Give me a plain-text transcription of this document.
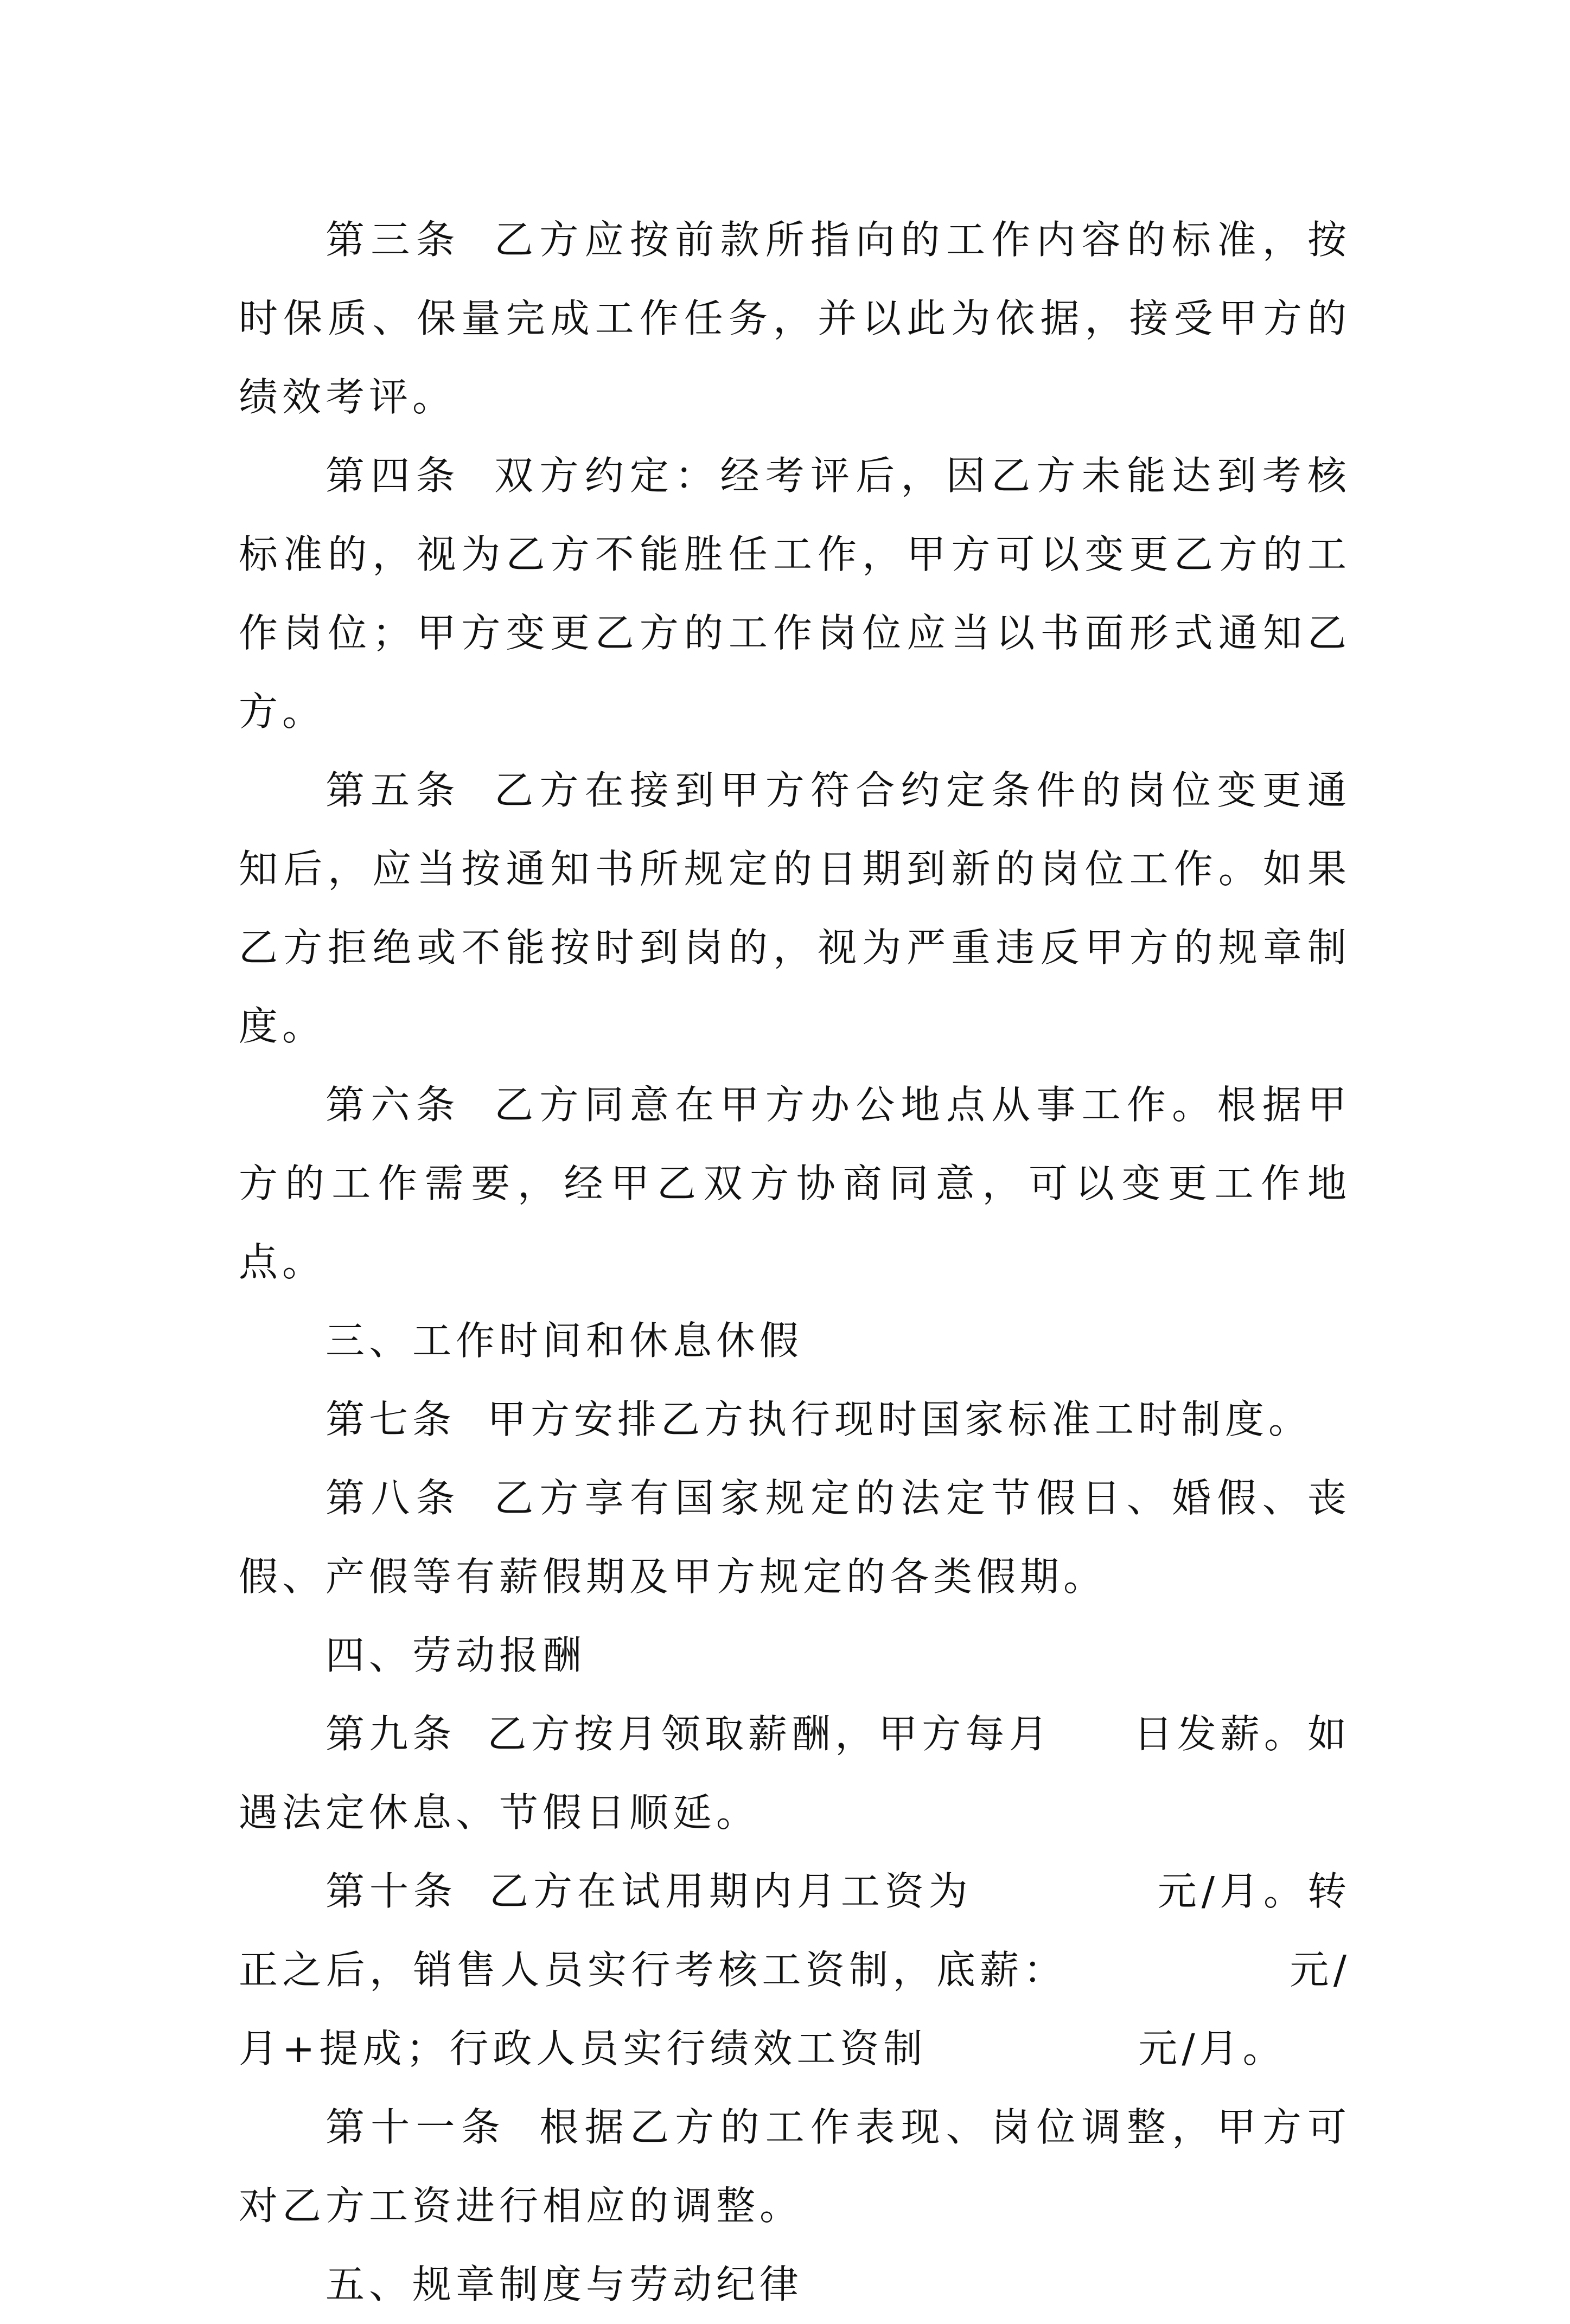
第三条 乙方应按前款所指向的工作内容的标准，按时保质、保量完成工作任务，并以此为依据，接受甲方的绩效考评。

第四条 双方约定：经考评后，因乙方未能达到考核标准的，视为乙方不能胜任工作，甲方可以变更乙方的工作岗位；甲方变更乙方的工作岗位应当以书面形式通知乙方。

第五条 乙方在接到甲方符合约定条件的岗位变更通知后，应当按通知书所规定的日期到新的岗位工作。如果乙方拒绝或不能按时到岗的，视为严重违反甲方的规章制度。

第六条 乙方同意在甲方办公地点从事工作。根据甲方的工作需要，经甲乙双方协商同意，可以变更工作地点。

三、工作时间和休息休假

第七条 甲方安排乙方执行现时国家标准工时制度。

第八条 乙方享有国家规定的法定节假日、婚假、丧假、产假等有薪假期及甲方规定的各类假期。

四、劳动报酬

第九条 乙方按月领取薪酬，甲方每月 日发薪。如遇法定休息、节假日顺延。

第十条 乙方在试用期内月工资为	元/月。转正之后，销售人员实行考核工资制，底薪：	元/月+提成；行政人员实行绩效工资制	元/月。

第十一条 根据乙方的工作表现、岗位调整，甲方可对乙方工资进行相应的调整。

五、规章制度与劳动纪律
